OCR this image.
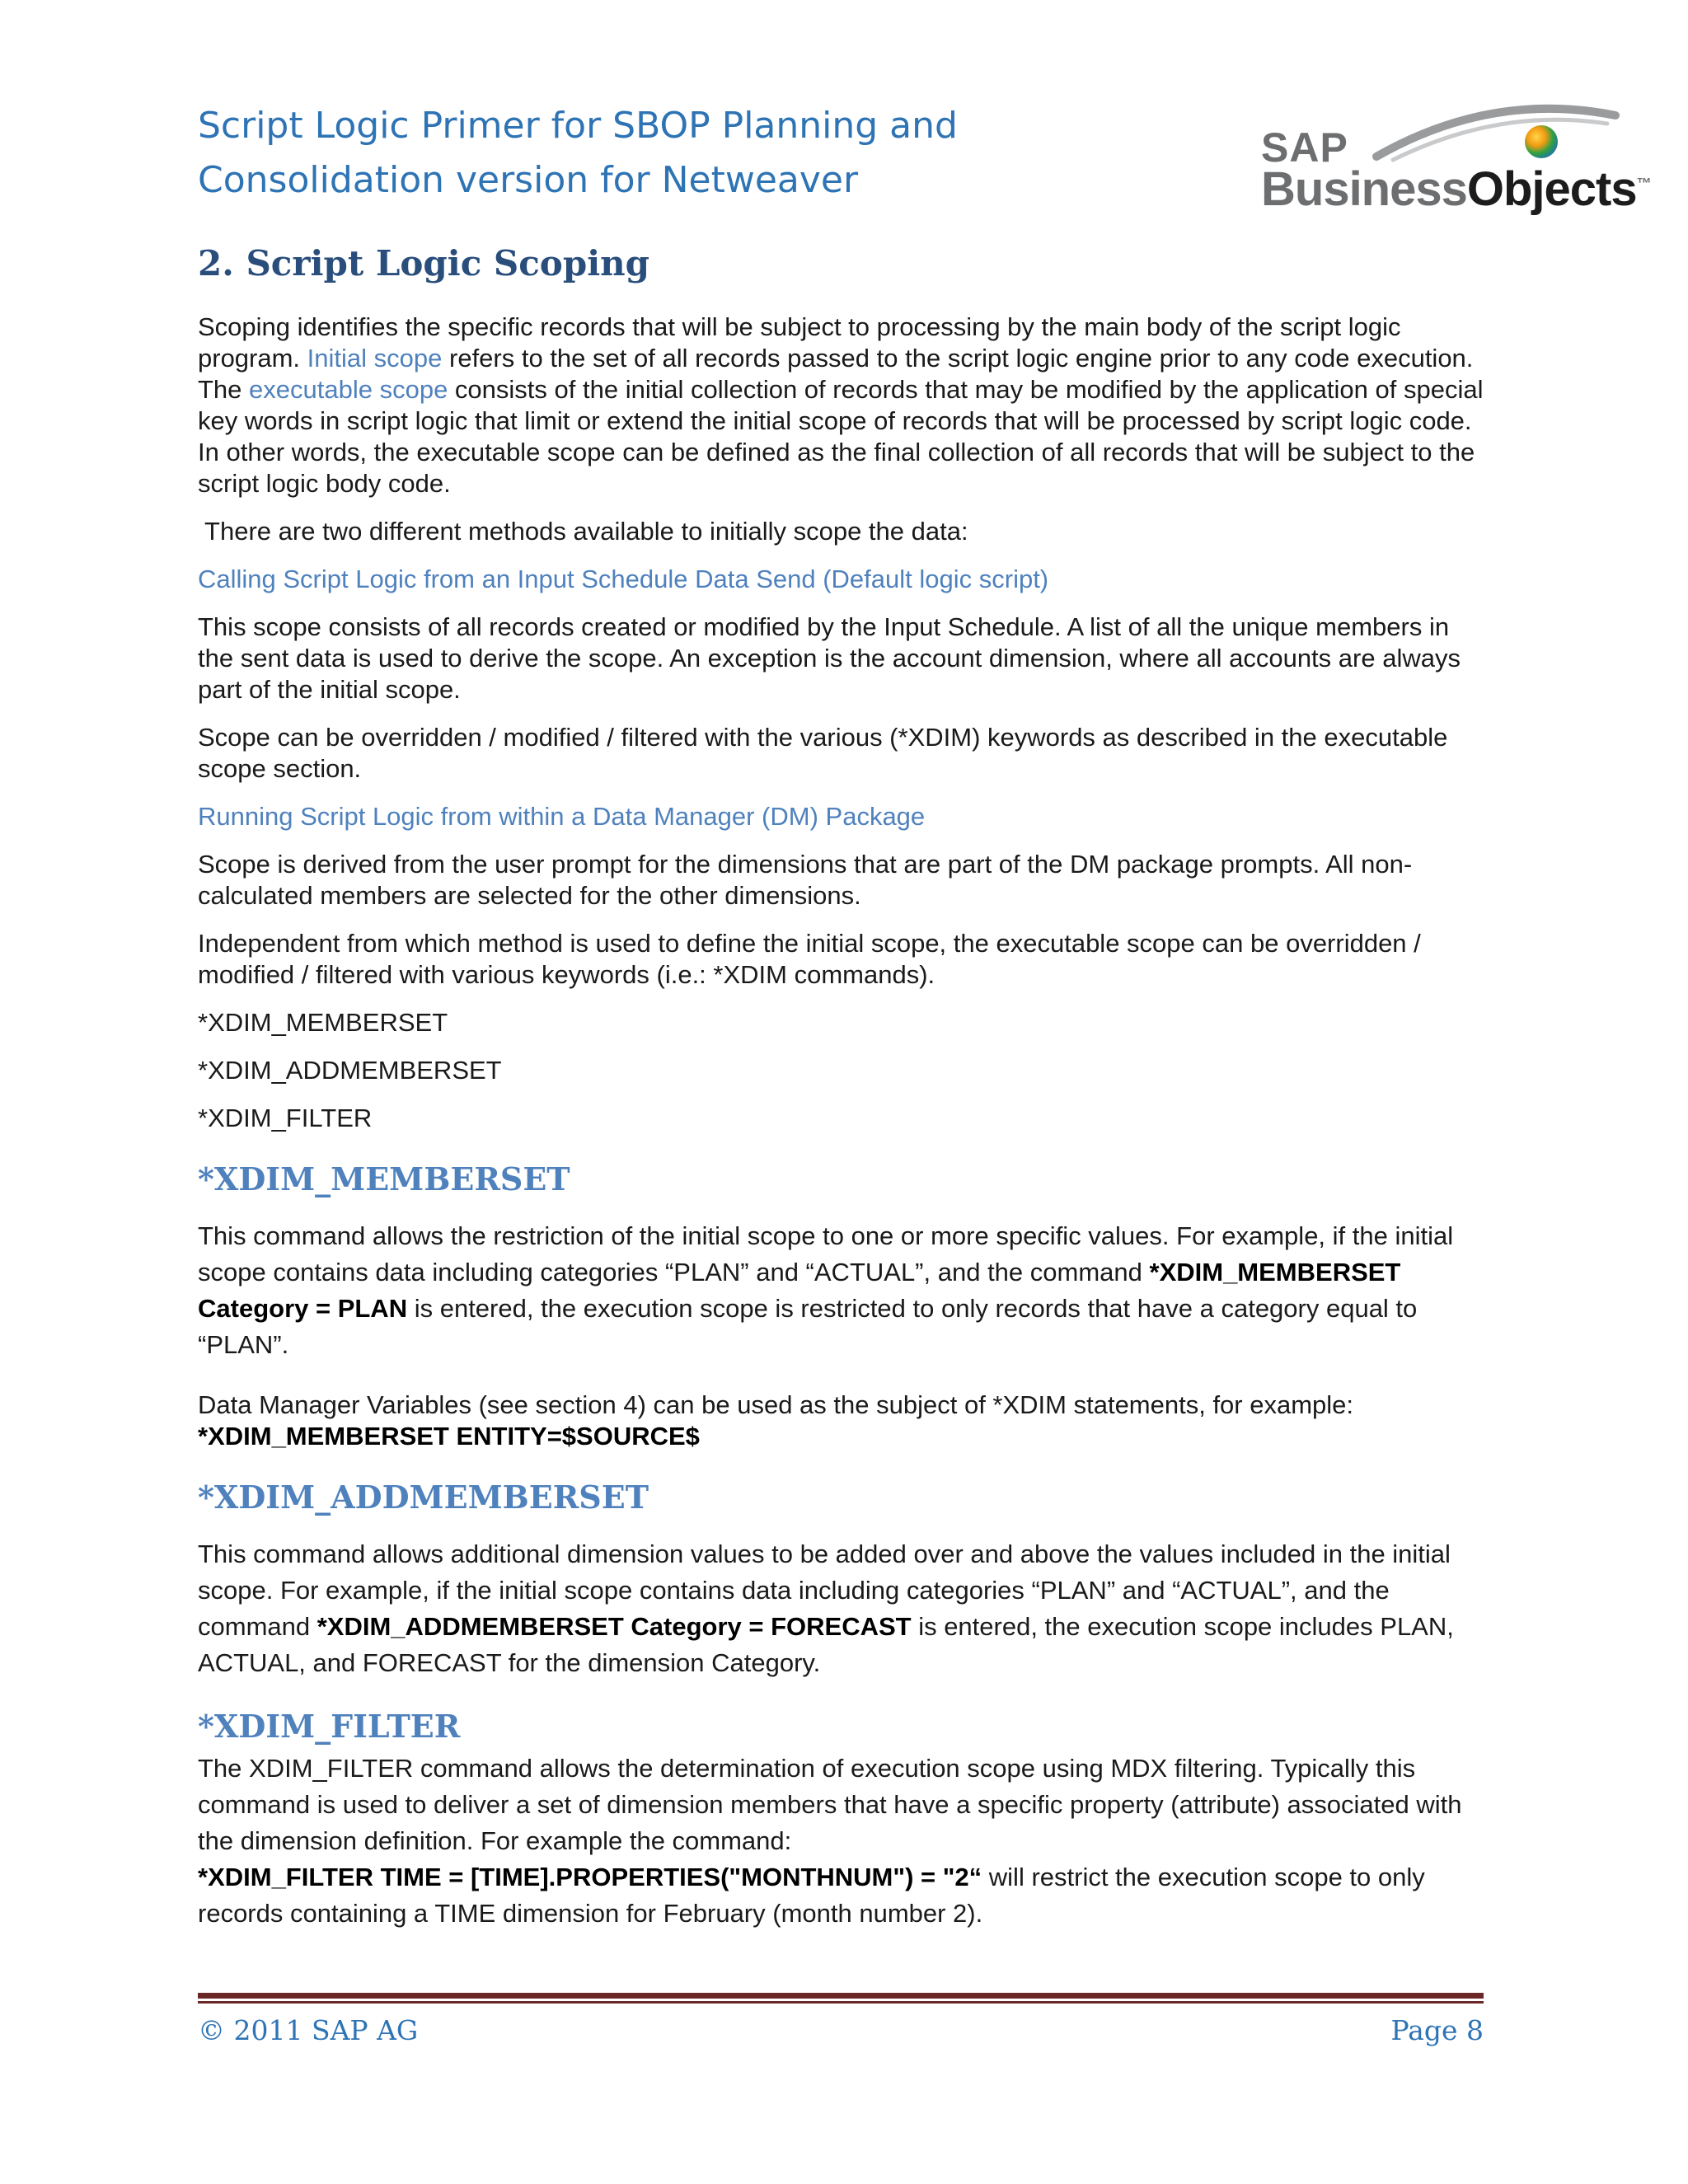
Script Logic Primer for SBOP Planning and
Consolidation version for Netweaver
SAP
BusinessObjects™
2. Script Logic Scoping

Scoping identifies the specific records that will be subject to processing by the main body of the script logic program. Initial scope refers to the set of all records passed to the script logic engine prior to any code execution. The executable scope consists of the initial collection of records that may be modified by the application of special key words in script logic that limit or extend the initial scope of records that will be processed by script logic code. In other words, the executable scope can be defined as the final collection of all records that will be subject to the script logic body code.

There are two different methods available to initially scope the data:

Calling Script Logic from an Input Schedule Data Send (Default logic script)

This scope consists of all records created or modified by the Input Schedule. A list of all the unique members in the sent data is used to derive the scope. An exception is the account dimension, where all accounts are always part of the initial scope.

Scope can be overridden / modified / filtered with the various (*XDIM) keywords as described in the executable scope section.

Running Script Logic from within a Data Manager (DM) Package

Scope is derived from the user prompt for the dimensions that are part of the DM package prompts. All non-calculated members are selected for the other dimensions.

Independent from which method is used to define the initial scope, the executable scope can be overridden / modified / filtered with various keywords (i.e.: *XDIM commands).

*XDIM_MEMBERSET

*XDIM_ADDMEMBERSET

*XDIM_FILTER

*XDIM_MEMBERSET

This command allows the restriction of the initial scope to one or more specific values. For example, if the initial scope contains data including categories “PLAN” and “ACTUAL”, and the command *XDIM_MEMBERSET Category = PLAN is entered, the execution scope is restricted to only records that have a category equal to “PLAN”.

Data Manager Variables (see section 4) can be used as the subject of *XDIM statements, for example:
*XDIM_MEMBERSET ENTITY=$SOURCE$

*XDIM_ADDMEMBERSET

This command allows additional dimension values to be added over and above the values included in the initial scope. For example, if the initial scope contains data including categories “PLAN” and “ACTUAL”, and the command *XDIM_ADDMEMBERSET Category = FORECAST is entered, the execution scope includes PLAN, ACTUAL, and FORECAST for the dimension Category.

*XDIM_FILTER

The XDIM_FILTER command allows the determination of execution scope using MDX filtering. Typically this command is used to deliver a set of dimension members that have a specific property (attribute) associated with the dimension definition. For example the command:
*XDIM_FILTER TIME = [TIME].PROPERTIES("MONTHNUM") = "2“ will restrict the execution scope to only records containing a TIME dimension for February (month number 2).

© 2011 SAP AG	Page 8
